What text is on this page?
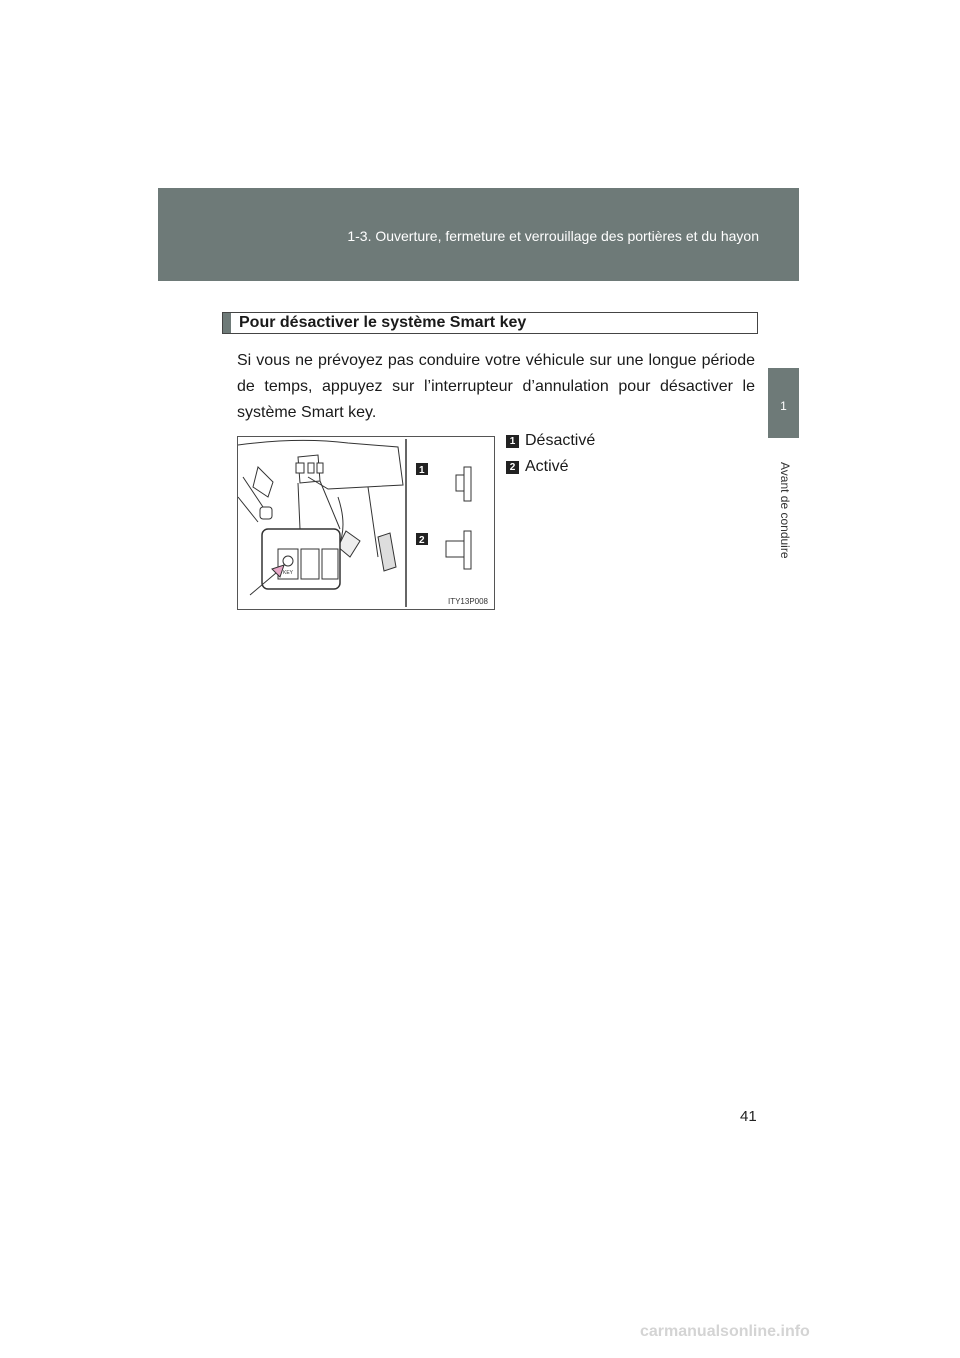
1-3. Ouverture, fermeture et verrouillage des portières et du hayon
1
Avant de conduire
Pour désactiver le système Smart key
Si vous ne prévoyez pas conduire votre véhicule sur une longue période de temps, appuyez sur l’interrupteur d’annulation pour désactiver le système Smart key.
1 Désactivé
2 Activé
KEY
1
2
ITY13P008
41
carmanualsonline.info
